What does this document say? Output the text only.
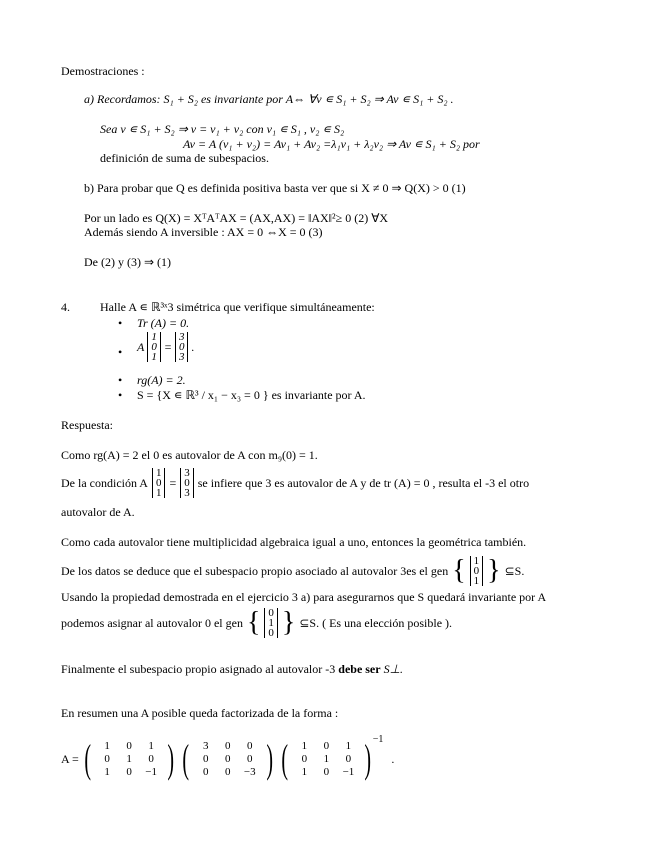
Demostraciones :
a) Recordamos: S₁ + S₂ es invariante por A⇔ ∀v ∊ S₁ + S₂ ⇒ Av ∊ S₁ + S₂ .
Sea v ∊ S₁ + S₂ ⇒ v = v₁ + v₂ con v₁ ∊ S₁ , v₂ ∊ S₂
Av = A (v₁ + v₂) = Av₁ + Av₂ =λ₁v₁ + λ₂v₂ ⇒ Av ∊ S₁ + S₂ por
definición de suma de subespacios.
b) Para probar que Q es definida positiva basta ver que si X ≠ 0 ⇒ Q(X) > 0 (1)
Por un lado es Q(X) = XᵀAᵀAX = (AX,AX) = ‖AX‖²≥ 0 (2) ∀X
Además siendo A inversible : AX = 0 ⇔X = 0 (3)
De (2) y (3) ⇒ (1)
4.	Halle A ∊ ℝ³ˣ3 simétrica que verifique simultáneamente:
• Tr (A) = 0.
• A
1
0
1
=
3
0
3
.
• rg(A) = 2.
• S = {X ∊ ℝ³ / x₁ − x₃ = 0 } es invariante por A.
Respuesta:
Como rg(A) = 2 el 0 es autovalor de A con m₉(0) = 1.
De la condición A
1
0
1
=
3
0
3
se infiere que 3 es autovalor de A y de tr (A) = 0 , resulta el -3 el otro
autovalor de A.
Como cada autovalor tiene multiplicidad algebraica igual a uno, entonces la geométrica también.
De los datos se deduce que el subespacio propio asociado al autovalor 3es el gen { 1
0
1 } ⊆S.
Usando la propiedad demostrada en el ejercicio 3 a) para asegurarnos que S quedará invariante por A
podemos asignar al autovalor 0 el gen { 0
1
0 } ⊆S. ( Es una elección posible ).
Finalmente el subespacio propio asignado al autovalor -3 debe ser S⊥.
En resumen una A posible queda factorizada de la forma :
A = (	1	0	1
0	1	0
1	0	−1 ) (	3	0	0
0	0	0
0	0	−3 ) (	1	0	1
0	1	0
1	0	−1 ) −1
.
